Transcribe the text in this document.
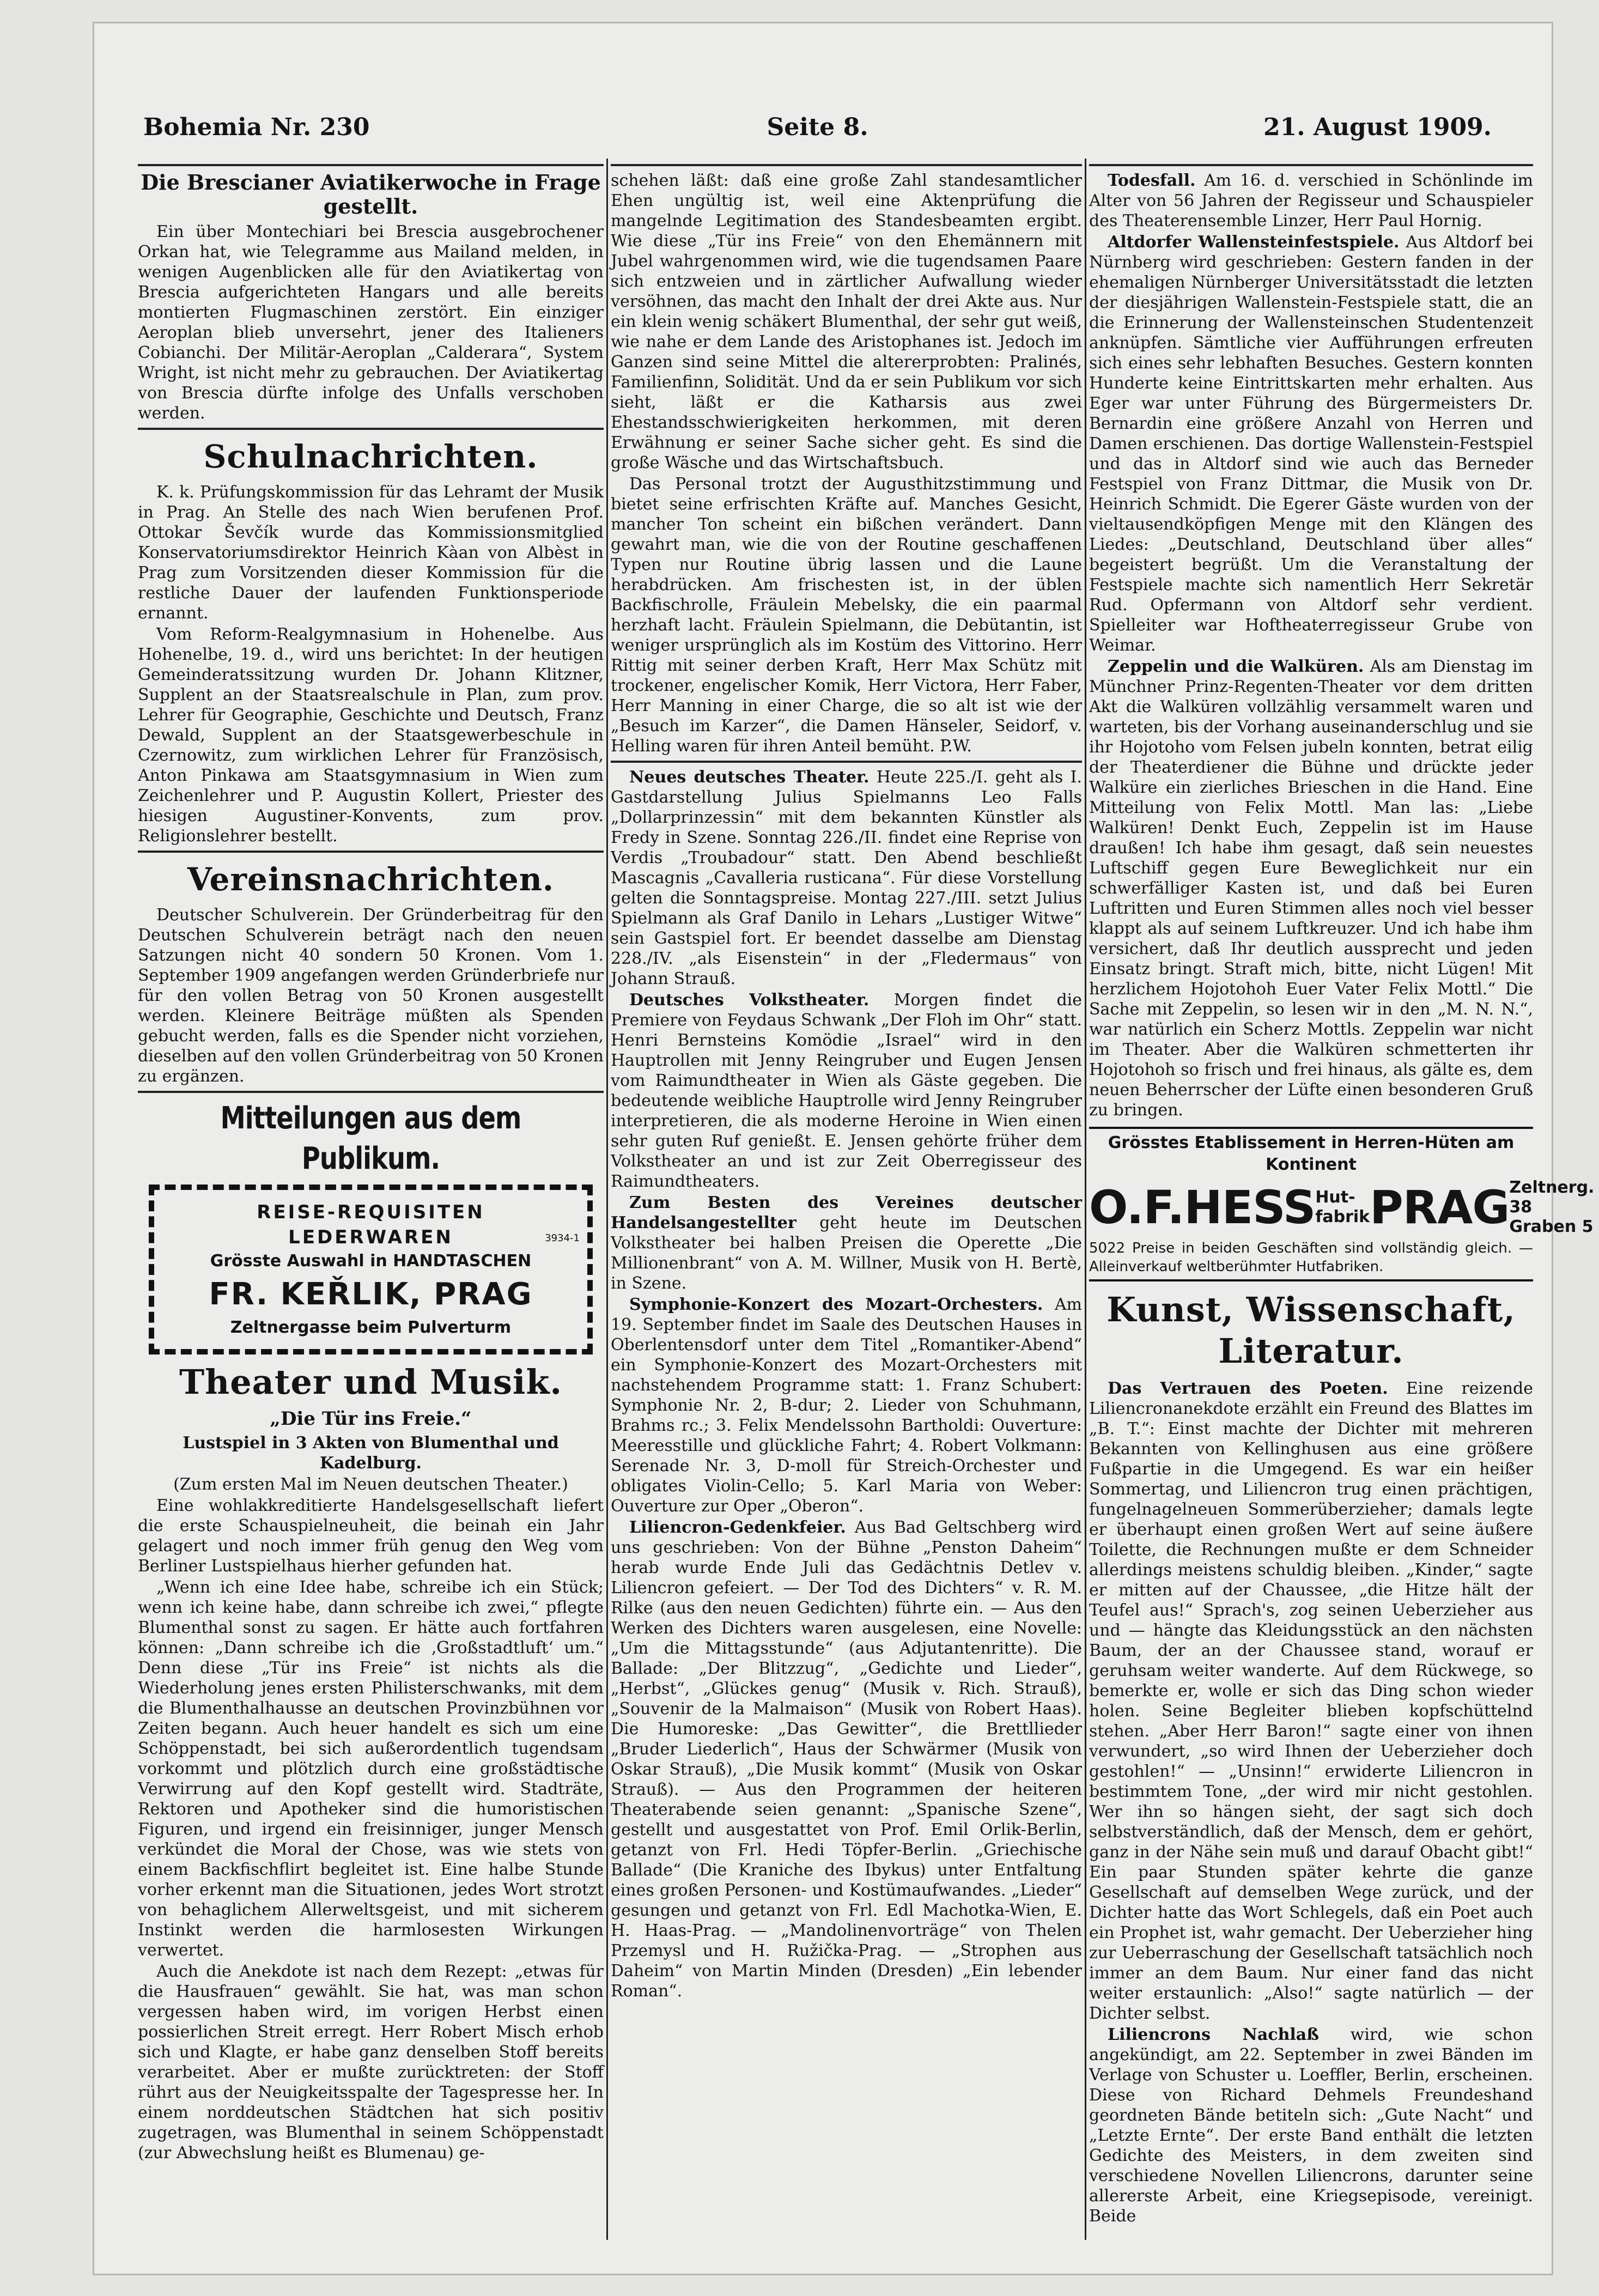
Bohemia Nr. 230	Seite 8.	21. August 1909.
Die Brescianer Aviatikerwoche in Frage gestellt.

Ein über Montechiari bei Brescia ausgebrochener Orkan hat, wie Telegramme aus Mailand melden, in wenigen Augenblicken alle für den Aviatikertag von Brescia aufgerichteten Hangars und alle bereits montierten Flugmaschinen zerstört. Ein einziger Aeroplan blieb unversehrt, jener des Italieners Cobianchi. Der Militär-Aeroplan „Calderara“, System Wright, ist nicht mehr zu gebrauchen. Der Aviatikertag von Brescia dürfte infolge des Unfalls verschoben werden.

Schulnachrichten.

K. k. Prüfungskommission für das Lehramt der Musik in Prag. An Stelle des nach Wien berufenen Prof. Ottokar Ševčík wurde das Kommissionsmitglied Konservatoriumsdirektor Heinrich Kàan von Albèst in Prag zum Vorsitzenden dieser Kommission für die restliche Dauer der laufenden Funktionsperiode ernannt.

Vom Reform-Realgymnasium in Hohenelbe. Aus Hohenelbe, 19. d., wird uns berichtet: In der heutigen Gemeinderatssitzung wurden Dr. Johann Klitzner, Supplent an der Staatsrealschule in Plan, zum prov. Lehrer für Geographie, Geschichte und Deutsch, Franz Dewald, Supplent an der Staatsgewerbeschule in Czernowitz, zum wirklichen Lehrer für Französisch, Anton Pinkawa am Staatsgymnasium in Wien zum Zeichenlehrer und P. Augustin Kollert, Priester des hiesigen Augustiner-Konvents, zum prov. Religionslehrer bestellt.

Vereinsnachrichten.

Deutscher Schulverein. Der Gründerbeitrag für den Deutschen Schulverein beträgt nach den neuen Satzungen nicht 40 sondern 50 Kronen. Vom 1. September 1909 angefangen werden Gründerbriefe nur für den vollen Betrag von 50 Kronen ausgestellt werden. Kleinere Beiträge müßten als Spenden gebucht werden, falls es die Spender nicht vorziehen, dieselben auf den vollen Gründerbeitrag von 50 Kronen zu ergänzen.

Mitteilungen aus dem Publikum.
REISE-REQUISITEN
LEDERWAREN	3934-1
Grösste Auswahl in HANDTASCHEN
FR. KEŘLIK, PRAG
Zeltnergasse beim Pulverturm
Theater und Musik.
„Die Tür ins Freie.“

Lustspiel in 3 Akten von Blumenthal und Kadelburg.

(Zum ersten Mal im Neuen deutschen Theater.)

Eine wohlakkreditierte Handelsgesellschaft liefert die erste Schauspielneuheit, die beinah ein Jahr gelagert und noch immer früh genug den Weg vom Berliner Lustspielhaus hierher gefunden hat.

„Wenn ich eine Idee habe, schreibe ich ein Stück; wenn ich keine habe, dann schreibe ich zwei,“ pflegte Blumenthal sonst zu sagen. Er hätte auch fortfahren können: „Dann schreibe ich die ‚Großstadtluft‘ um.“ Denn diese „Tür ins Freie“ ist nichts als die Wiederholung jenes ersten Philisterschwanks, mit dem die Blumenthalhausse an deutschen Provinzbühnen vor Zeiten begann. Auch heuer handelt es sich um eine Schöppenstadt, bei sich außerordentlich tugendsam vorkommt und plötzlich durch eine großstädtische Verwirrung auf den Kopf gestellt wird. Stadträte, Rektoren und Apotheker sind die humoristischen Figuren, und irgend ein freisinniger, junger Mensch verkündet die Moral der Chose, was wie stets von einem Backfischflirt begleitet ist. Eine halbe Stunde vorher erkennt man die Situationen, jedes Wort strotzt von behaglichem Allerweltsgeist, und mit sicherem Instinkt werden die harmlosesten Wirkungen verwertet.

Auch die Anekdote ist nach dem Rezept: „etwas für die Hausfrauen“ gewählt. Sie hat, was man schon vergessen haben wird, im vorigen Herbst einen possierlichen Streit erregt. Herr Robert Misch erhob sich und Klagte, er habe ganz denselben Stoff bereits verarbeitet. Aber er mußte zurücktreten: der Stoff rührt aus der Neuigkeitsspalte der Tagespresse her. In einem norddeutschen Städtchen hat sich positiv zugetragen, was Blumenthal in seinem Schöppenstadt (zur Abwechslung heißt es Blumenau) ge-

schehen läßt: daß eine große Zahl standesamtlicher Ehen ungültig ist, weil eine Aktenprüfung die mangelnde Legitimation des Standesbeamten ergibt. Wie diese „Tür ins Freie“ von den Ehemännern mit Jubel wahrgenommen wird, wie die tugendsamen Paare sich entzweien und in zärtlicher Aufwallung wieder versöhnen, das macht den Inhalt der drei Akte aus. Nur ein klein wenig schäkert Blumenthal, der sehr gut weiß, wie nahe er dem Lande des Aristophanes ist. Jedoch im Ganzen sind seine Mittel die altererprobten: Pralinés, Familienfinn, Solidität. Und da er sein Publikum vor sich sieht, läßt er die Katharsis aus zwei Ehestandsschwierigkeiten herkommen, mit deren Erwähnung er seiner Sache sicher geht. Es sind die große Wäsche und das Wirtschaftsbuch.

Das Personal trotzt der Augusthitzstimmung und bietet seine erfrischten Kräfte auf. Manches Gesicht, mancher Ton scheint ein bißchen verändert. Dann gewahrt man, wie die von der Routine geschaffenen Typen nur Routine übrig lassen und die Laune herabdrücken. Am frischesten ist, in der üblen Backfischrolle, Fräulein Mebelsky, die ein paarmal herzhaft lacht. Fräulein Spielmann, die Debütantin, ist weniger ursprünglich als im Kostüm des Vittorino. Herr Rittig mit seiner derben Kraft, Herr Max Schütz mit trockener, engelischer Komik, Herr Victora, Herr Faber, Herr Manning in einer Charge, die so alt ist wie der „Besuch im Karzer“, die Damen Hänseler, Seidorf, v. Helling waren für ihren Anteil bemüht. P.W.

Neues deutsches Theater. Heute 225./I. geht als I. Gastdarstellung Julius Spielmanns Leo Falls „Dollarprinzessin“ mit dem bekannten Künstler als Fredy in Szene. Sonntag 226./II. findet eine Reprise von Verdis „Troubadour“ statt. Den Abend beschließt Mascagnis „Cavalleria rusticana“. Für diese Vorstellung gelten die Sonntagspreise. Montag 227./III. setzt Julius Spielmann als Graf Danilo in Lehars „Lustiger Witwe“ sein Gastspiel fort. Er beendet dasselbe am Dienstag 228./IV. „als Eisenstein“ in der „Fledermaus“ von Johann Strauß.

Deutsches Volkstheater. Morgen findet die Premiere von Feydaus Schwank „Der Floh im Ohr“ statt. Henri Bernsteins Komödie „Israel“ wird in den Hauptrollen mit Jenny Reingruber und Eugen Jensen vom Raimundtheater in Wien als Gäste gegeben. Die bedeutende weibliche Hauptrolle wird Jenny Reingruber interpretieren, die als moderne Heroine in Wien einen sehr guten Ruf genießt. E. Jensen gehörte früher dem Volkstheater an und ist zur Zeit Oberregisseur des Raimundtheaters.

Zum Besten des Vereines deutscher Handelsangestellter geht heute im Deutschen Volkstheater bei halben Preisen die Operette „Die Millionenbrant“ von A. M. Willner, Musik von H. Bertè, in Szene.

Symphonie-Konzert des Mozart-Orchesters. Am 19. September findet im Saale des Deutschen Hauses in Oberlentensdorf unter dem Titel „Romantiker-Abend“ ein Symphonie-Konzert des Mozart-Orchesters mit nachstehendem Programme statt: 1. Franz Schubert: Symphonie Nr. 2, B-dur; 2. Lieder von Schuhmann, Brahms rc.; 3. Felix Mendelssohn Bartholdi: Ouverture: Meeresstille und glückliche Fahrt; 4. Robert Volkmann: Serenade Nr. 3, D-moll für Streich-Orchester und obligates Violin-Cello; 5. Karl Maria von Weber: Ouverture zur Oper „Oberon“.

Liliencron-Gedenkfeier. Aus Bad Geltschberg wird uns geschrieben: Von der Bühne „Penston Daheim“ herab wurde Ende Juli das Gedächtnis Detlev v. Liliencron gefeiert. — Der Tod des Dichters“ v. R. M. Rilke (aus den neuen Gedichten) führte ein. — Aus den Werken des Dichters waren ausgelesen, eine Novelle: „Um die Mittagsstunde“ (aus Adjutantenritte). Die Ballade: „Der Blitzzug“, „Gedichte und Lieder“, „Herbst“, „Glückes genug“ (Musik v. Rich. Strauß), „Souvenir de la Malmaison“ (Musik von Robert Haas). Die Humoreske: „Das Gewitter“, die Brettllieder „Bruder Liederlich“, Haus der Schwärmer (Musik von Oskar Strauß), „Die Musik kommt“ (Musik von Oskar Strauß). — Aus den Programmen der heiteren Theaterabende seien genannt: „Spanische Szene“, gestellt und ausgestattet von Prof. Emil Orlik-Berlin, getanzt von Frl. Hedi Töpfer-Berlin. „Griechische Ballade“ (Die Kraniche des Ibykus) unter Entfaltung eines großen Personen- und Kostümaufwandes. „Lieder“ gesungen und getanzt von Frl. Edl Machotka-Wien, E. H. Haas-Prag. — „Mandolinenvorträge“ von Thelen Przemysl und H. Ružička-Prag. — „Strophen aus Daheim“ von Martin Minden (Dresden) „Ein lebender Roman“.

Todesfall. Am 16. d. verschied in Schönlinde im Alter von 56 Jahren der Regisseur und Schauspieler des Theaterensemble Linzer, Herr Paul Hornig.

Altdorfer Wallensteinfestspiele. Aus Altdorf bei Nürnberg wird geschrieben: Gestern fanden in der ehemaligen Nürnberger Universitätsstadt die letzten der diesjährigen Wallenstein-Festspiele statt, die an die Erinnerung der Wallensteinschen Studentenzeit anknüpfen. Sämtliche vier Aufführungen erfreuten sich eines sehr lebhaften Besuches. Gestern konnten Hunderte keine Eintrittskarten mehr erhalten. Aus Eger war unter Führung des Bürgermeisters Dr. Bernardin eine größere Anzahl von Herren und Damen erschienen. Das dortige Wallenstein-Festspiel und das in Altdorf sind wie auch das Berneder Festspiel von Franz Dittmar, die Musik von Dr. Heinrich Schmidt. Die Egerer Gäste wurden von der vieltausendköpfigen Menge mit den Klängen des Liedes: „Deutschland, Deutschland über alles“ begeistert begrüßt. Um die Veranstaltung der Festspiele machte sich namentlich Herr Sekretär Rud. Opfermann von Altdorf sehr verdient. Spielleiter war Hoftheaterregisseur Grube von Weimar.

Zeppelin und die Walküren. Als am Dienstag im Münchner Prinz-Regenten-Theater vor dem dritten Akt die Walküren vollzählig versammelt waren und warteten, bis der Vorhang auseinanderschlug und sie ihr Hojotoho vom Felsen jubeln konnten, betrat eilig der Theaterdiener die Bühne und drückte jeder Walküre ein zierliches Brieschen in die Hand. Eine Mitteilung von Felix Mottl. Man las: „Liebe Walküren! Denkt Euch, Zeppelin ist im Hause draußen! Ich habe ihm gesagt, daß sein neuestes Luftschiff gegen Eure Beweglichkeit nur ein schwerfälliger Kasten ist, und daß bei Euren Luftritten und Euren Stimmen alles noch viel besser klappt als auf seinem Luftkreuzer. Und ich habe ihm versichert, daß Ihr deutlich aussprecht und jeden Einsatz bringt. Straft mich, bitte, nicht Lügen! Mit herzlichem Hojotohoh Euer Vater Felix Mottl.“ Die Sache mit Zeppelin, so lesen wir in den „M. N. N.“, war natürlich ein Scherz Mottls. Zeppelin war nicht im Theater. Aber die Walküren schmetterten ihr Hojotohoh so frisch und frei hinaus, als gälte es, dem neuen Beherrscher der Lüfte einen besonderen Gruß zu bringen.

Grösstes Etablissement in Herren-Hüten am Kontinent
O.F.HESS Hut-
fabrik PRAG Zeltnerg. 38
Graben 5
5022 Preise in beiden Geschäften sind vollständig gleich. — Alleinverkauf weltberühmter Hutfabriken.
Kunst, Wissenschaft, Literatur.

Das Vertrauen des Poeten. Eine reizende Liliencronanekdote erzählt ein Freund des Blattes im „B. T.“: Einst machte der Dichter mit mehreren Bekannten von Kellinghusen aus eine größere Fußpartie in die Umgegend. Es war ein heißer Sommertag, und Liliencron trug einen prächtigen, fungelnagelneuen Sommerüberzieher; damals legte er überhaupt einen großen Wert auf seine äußere Toilette, die Rechnungen mußte er dem Schneider allerdings meistens schuldig bleiben. „Kinder,“ sagte er mitten auf der Chaussee, „die Hitze hält der Teufel aus!“ Sprach's, zog seinen Ueberzieher aus und — hängte das Kleidungsstück an den nächsten Baum, der an der Chaussee stand, worauf er geruhsam weiter wanderte. Auf dem Rückwege, so bemerkte er, wolle er sich das Ding schon wieder holen. Seine Begleiter blieben kopfschüttelnd stehen. „Aber Herr Baron!“ sagte einer von ihnen verwundert, „so wird Ihnen der Ueberzieher doch gestohlen!“ — „Unsinn!“ erwiderte Liliencron in bestimmtem Tone, „der wird mir nicht gestohlen. Wer ihn so hängen sieht, der sagt sich doch selbstverständlich, daß der Mensch, dem er gehört, ganz in der Nähe sein muß und darauf Obacht gibt!“ Ein paar Stunden später kehrte die ganze Gesellschaft auf demselben Wege zurück, und der Dichter hatte das Wort Schlegels, daß ein Poet auch ein Prophet ist, wahr gemacht. Der Ueberzieher hing zur Ueberraschung der Gesellschaft tatsächlich noch immer an dem Baum. Nur einer fand das nicht weiter erstaunlich: „Also!“ sagte natürlich — der Dichter selbst.

Liliencrons Nachlaß wird, wie schon angekündigt, am 22. September in zwei Bänden im Verlage von Schuster u. Loeffler, Berlin, erscheinen. Diese von Richard Dehmels Freundeshand geordneten Bände betiteln sich: „Gute Nacht“ und „Letzte Ernte“. Der erste Band enthält die letzten Gedichte des Meisters, in dem zweiten sind verschiedene Novellen Liliencrons, darunter seine allererste Arbeit, eine Kriegsepisode, vereinigt. Beide
